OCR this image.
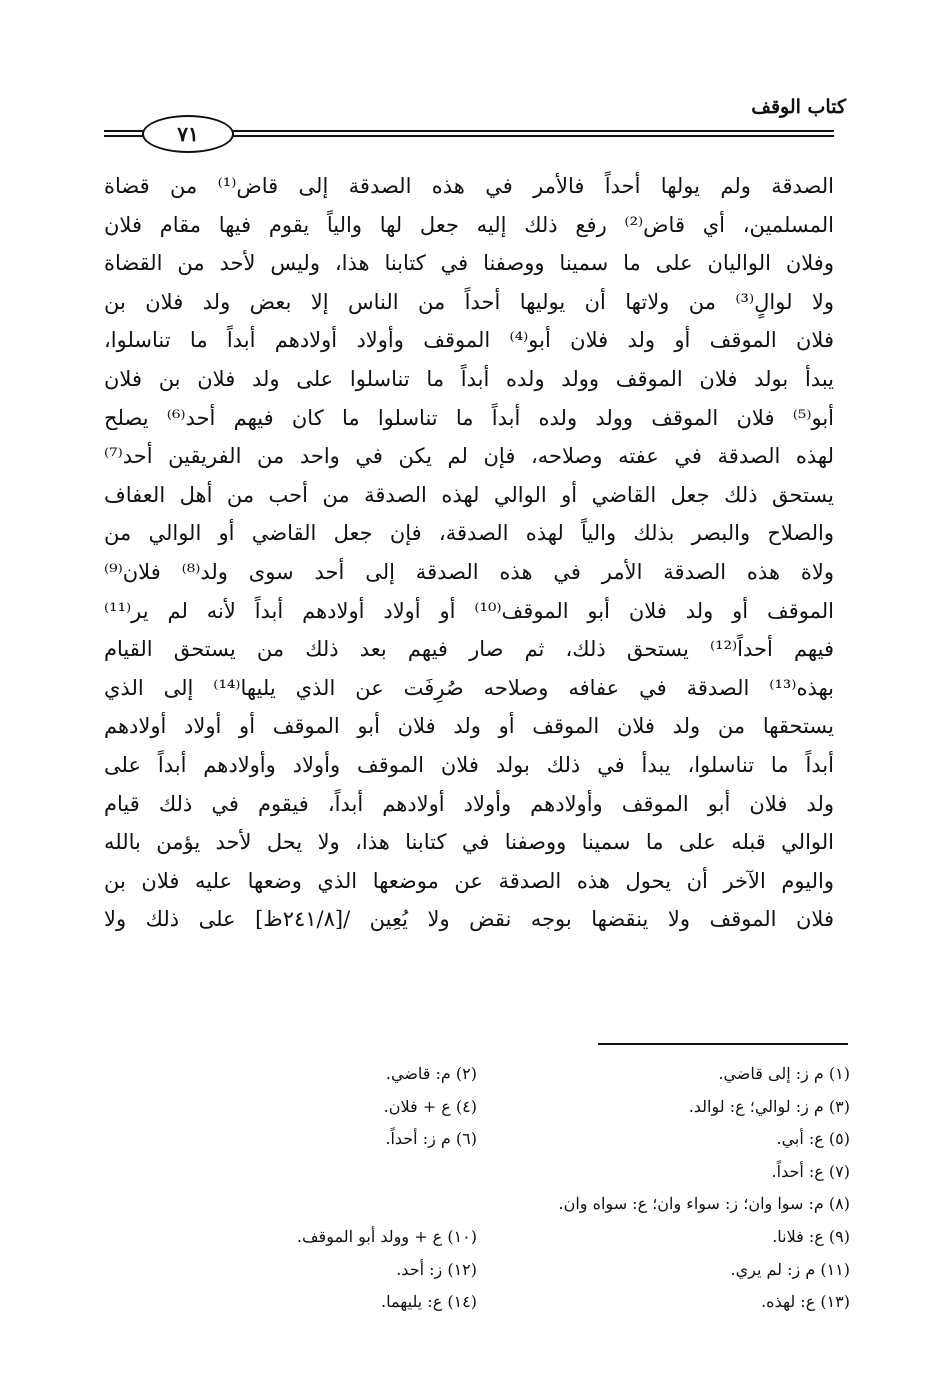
كتاب الوقف
٧١
الصدقة ولم يولها أحداً فالأمر في هذه الصدقة إلى قاض⁽¹⁾ من قضاة
المسلمين، أي قاض⁽²⁾ رفع ذلك إليه جعل لها والياً يقوم فيها مقام فلان
وفلان الواليان على ما سمينا ووصفنا في كتابنا هذا، وليس لأحد من القضاة
ولا لوالٍ⁽³⁾ من ولاتها أن يوليها أحداً من الناس إلا بعض ولد فلان بن
فلان الموقف أو ولد فلان أبو⁽⁴⁾ الموقف وأولاد أولادهم أبداً ما تناسلوا،
يبدأ بولد فلان الموقف وولد ولده أبداً ما تناسلوا على ولد فلان بن فلان
أبو⁽⁵⁾ فلان الموقف وولد ولده أبداً ما تناسلوا ما كان فيهم أحد⁽⁶⁾ يصلح
لهذه الصدقة في عفته وصلاحه، فإن لم يكن في واحد من الفريقين أحد⁽⁷⁾
يستحق ذلك جعل القاضي أو الوالي لهذه الصدقة من أحب من أهل العفاف
والصلاح والبصر بذلك والياً لهذه الصدقة، فإن جعل القاضي أو الوالي من
ولاة هذه الصدقة الأمر في هذه الصدقة إلى أحد سوى ولد⁽⁸⁾ فلان⁽⁹⁾
الموقف أو ولد فلان أبو الموقف⁽¹⁰⁾ أو أولاد أولادهم أبداً لأنه لم ير⁽¹¹⁾
فيهم أحداً⁽¹²⁾ يستحق ذلك، ثم صار فيهم بعد ذلك من يستحق القيام
بهذه⁽¹³⁾ الصدقة في عفافه وصلاحه صُرِفَت عن الذي يليها⁽¹⁴⁾ إلى الذي
يستحقها من ولد فلان الموقف أو ولد فلان أبو الموقف أو أولاد أولادهم
أبداً ما تناسلوا، يبدأ في ذلك بولد فلان الموقف وأولاد وأولادهم أبداً على
ولد فلان أبو الموقف وأولادهم وأولاد أولادهم أبداً، فيقوم في ذلك قيام
الوالي قبله على ما سمينا ووصفنا في كتابنا هذا، ولا يحل لأحد يؤمن بالله
واليوم الآخر أن يحول هذه الصدقة عن موضعها الذي وضعها عليه فلان بن
فلان الموقف ولا ينقضها بوجه نقض ولا يُعِين /[٢٤١/٨ظ] على ذلك ولا
(١) م ز: إلى قاضي.
(٢) م: قاضي.
(٣) م ز: لوالي؛ ع: لوالد.
(٤) ع + فلان.
(٥) ع: أبي.
(٦) م ز: أحداً.
(٧) ع: أحداً.
(٨) م: سوا وان؛ ز: سواء وان؛ ع: سواه وان.
(٩) ع: فلانا.
(١٠) ع + وولد أبو الموقف.
(١١) م ز: لم يري.
(١٢) ز: أحد.
(١٣) ع: لهذه.
(١٤) ع: يليهما.
